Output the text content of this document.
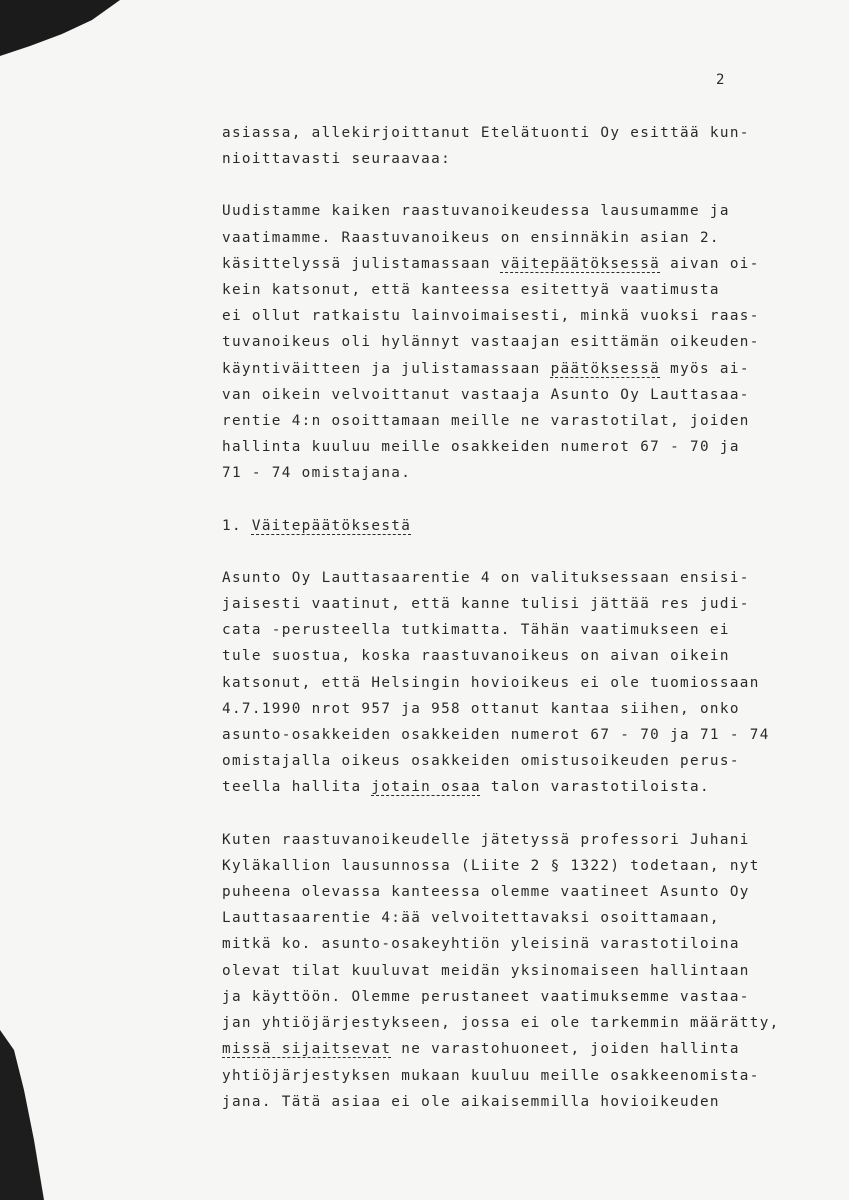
2
asiassa, allekirjoittanut Etelätuonti Oy esittää kun-
nioittavasti seuraavaa:
Uudistamme kaiken raastuvanoikeudessa lausumamme ja
vaatimamme. Raastuvanoikeus on ensinnäkin asian 2.
käsittelyssä julistamassaan väitepäätöksessä aivan oi-
kein katsonut, että kanteessa esitettyä vaatimusta
ei ollut ratkaistu lainvoimaisesti, minkä vuoksi raas-
tuvanoikeus oli hylännyt vastaajan esittämän oikeuden-
käyntiväitteen ja julistamassaan päätöksessä myös ai-
van oikein velvoittanut vastaaja Asunto Oy Lauttasaa-
rentie 4:n osoittamaan meille ne varastotilat, joiden
hallinta kuuluu meille osakkeiden numerot 67 - 70 ja
71 - 74 omistajana.
1. Väitepäätöksestä
Asunto Oy Lauttasaarentie 4 on valituksessaan ensisi-
jaisesti vaatinut, että kanne tulisi jättää res judi-
cata -perusteella tutkimatta. Tähän vaatimukseen ei
tule suostua, koska raastuvanoikeus on aivan oikein
katsonut, että Helsingin hovioikeus ei ole tuomiossaan
4.7.1990 nrot 957 ja 958 ottanut kantaa siihen, onko
asunto-osakkeiden osakkeiden numerot 67 - 70 ja 71 - 74
omistajalla oikeus osakkeiden omistusoikeuden perus-
teella hallita jotain osaa talon varastotiloista.
Kuten raastuvanoikeudelle jätetyssä professori Juhani
Kyläkallion lausunnossa (Liite 2 § 1322) todetaan, nyt
puheena olevassa kanteessa olemme vaatineet Asunto Oy
Lauttasaarentie 4:ää velvoitettavaksi osoittamaan,
mitkä ko. asunto-osakeyhtiön yleisinä varastotiloina
olevat tilat kuuluvat meidän yksinomaiseen hallintaan
ja käyttöön. Olemme perustaneet vaatimuksemme vastaa-
jan yhtiöjärjestykseen, jossa ei ole tarkemmin määrätty,
missä sijaitsevat ne varastohuoneet, joiden hallinta
yhtiöjärjestyksen mukaan kuuluu meille osakkeenomista-
jana. Tätä asiaa ei ole aikaisemmilla hovioikeuden
